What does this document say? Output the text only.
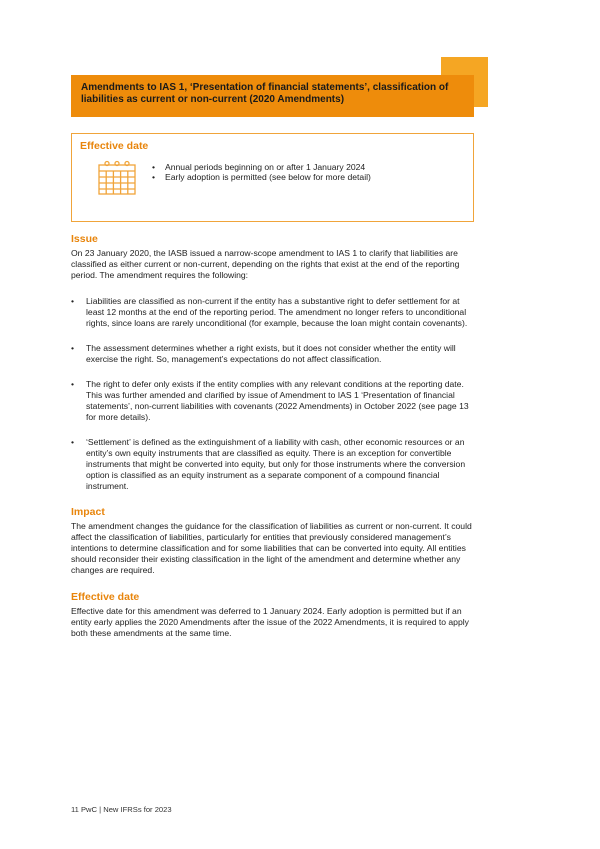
Amendments to IAS 1, ‘Presentation of financial statements’, classification of liabilities as current or non-current (2020 Amendments)

Effective date

• Annual periods beginning on or after 1 January 2024
• Early adoption is permitted (see below for more detail)

Issue

On 23 January 2020, the IASB issued a narrow-scope amendment to IAS 1 to clarify that liabilities are classified as either current or non-current, depending on the rights that exist at the end of the reporting period. The amendment requires the following:

• Liabilities are classified as non-current if the entity has a substantive right to defer settlement for at least 12 months at the end of the reporting period. The amendment no longer refers to unconditional rights, since loans are rarely unconditional (for example, because the loan might contain covenants).
• The assessment determines whether a right exists, but it does not consider whether the entity will exercise the right. So, management’s expectations do not affect classification.
• The right to defer only exists if the entity complies with any relevant conditions at the reporting date. This was further amended and clarified by issue of Amendment to IAS 1 ‘Presentation of financial statements’, non-current liabilities with covenants (2022 Amendments) in October 2022 (see page 13 for more details).
• ‘Settlement’ is defined as the extinguishment of a liability with cash, other economic resources or an entity’s own equity instruments that are classified as equity. There is an exception for convertible instruments that might be converted into equity, but only for those instruments where the conversion option is classified as an equity instrument as a separate component of a compound financial instrument.

Impact

The amendment changes the guidance for the classification of liabilities as current or non-current. It could affect the classification of liabilities, particularly for entities that previously considered management’s intentions to determine classification and for some liabilities that can be converted into equity. All entities should reconsider their existing classification in the light of the amendment and determine whether any changes are required.

Effective date

Effective date for this amendment was deferred to 1 January 2024. Early adoption is permitted but if an entity early applies the 2020 Amendments after the issue of the 2022 Amendments, it is required to apply both these amendments at the same time.

11 PwC | New IFRSs for 2023
